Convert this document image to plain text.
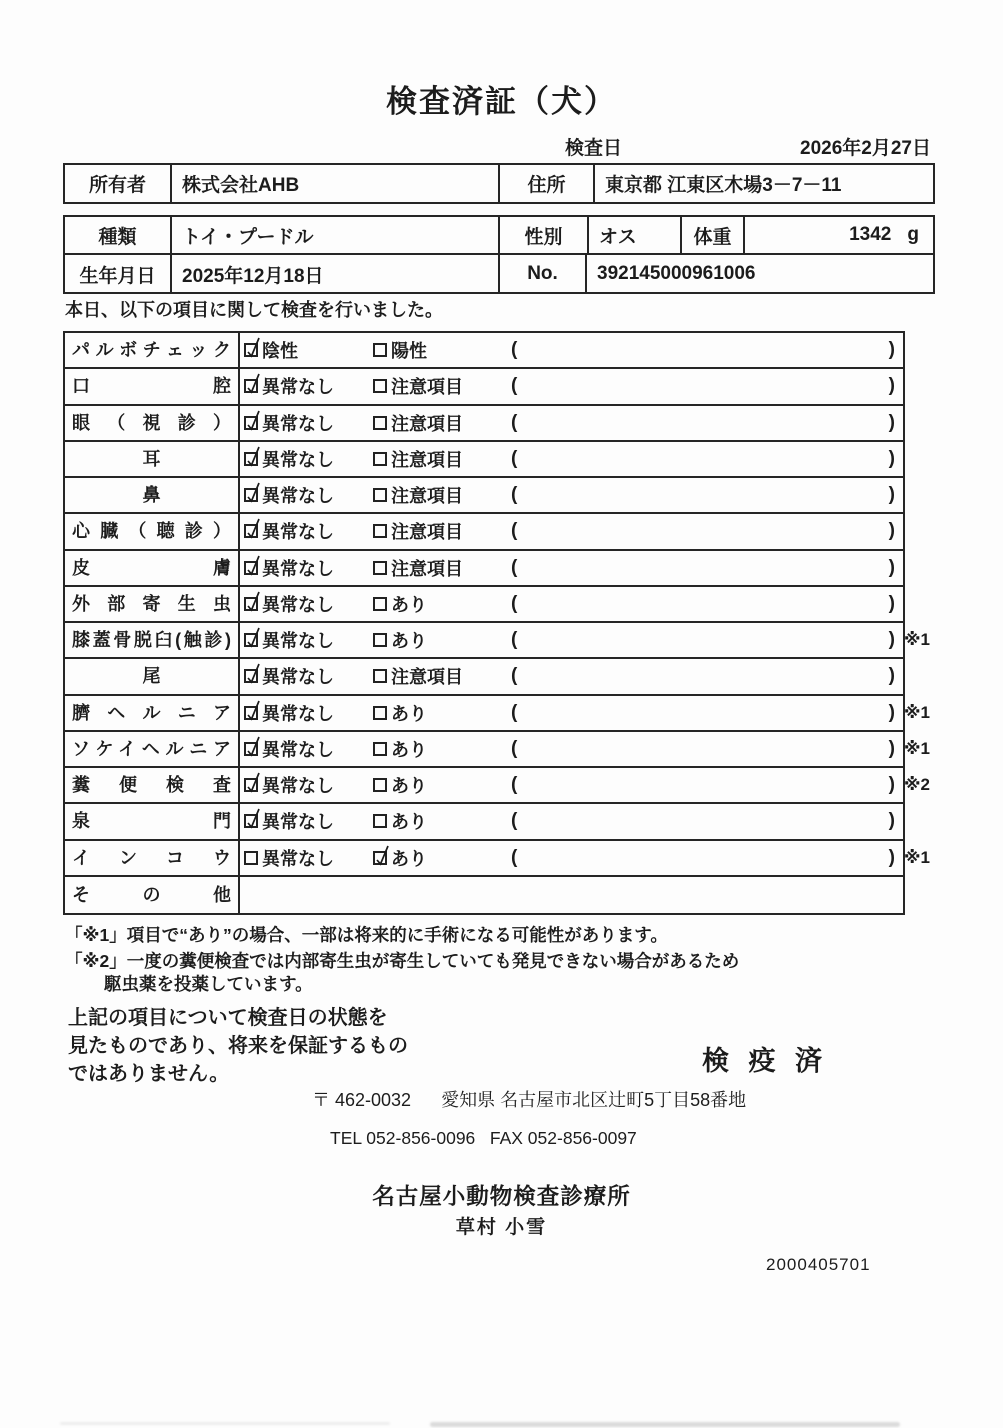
検査済証（犬）
検査日	2026年2月27日
所有者	株式会社AHB	住所	東京都 江東区木場3－7－11
種類	トイ・プードル	性別	オス	体重	1342 g
生年月日	2025年12月18日	No.	392145000961006
本日、以下の項目に関して検査を行いました。
パルボチェック 陰性	陽性	(	)
口腔 異常なし	注意項目	(	)
眼（視診） 異常なし	注意項目	(	)
耳	異常なし	注意項目	(	)
鼻	異常なし	注意項目	(	)
心臓（聴診） 異常なし	注意項目	(	)
皮膚 異常なし	注意項目	(	)
外部寄生虫 異常なし	あり	(	)
膝蓋骨脱臼(触診) 異常なし	あり	(	) ※1
尾	異常なし	注意項目	(	)
臍ヘルニア 異常なし	あり	(	) ※1
ソケイヘルニア 異常なし	あり	(	) ※1
糞便検査 異常なし	あり	(	) ※2
泉門 異常なし	あり	(	)
インコウ 異常なし	あり	(	) ※1
その他
「※1」項目で“あり”の場合、一部は将来的に手術になる可能性があります。
「※2」一度の糞便検査では内部寄生虫が寄生していても発見できない場合があるため
駆虫薬を投薬しています。
上記の項目について検査日の状態を
見たものであり、将来を保証するもの
ではありません。	検 疫 済
〒 462-0032      愛知県 名古屋市北区辻町5丁目58番地
TEL 052-856-0096   FAX 052-856-0097
名古屋小動物検査診療所
草村 小雪
2000405701
